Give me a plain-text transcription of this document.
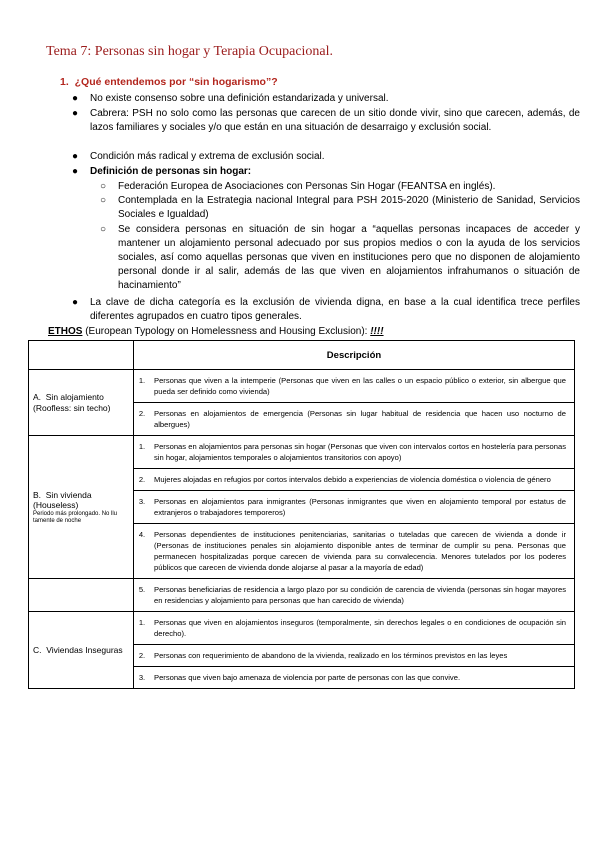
Tema 7: Personas sin hogar y Terapia Ocupacional.
1. ¿Qué entendemos por “sin hogarismo”?
● No existe consenso sobre una definición estandarizada y universal.
● Cabrera: PSH no solo como las personas que carecen de un sitio donde vivir, sino que carecen, además, de lazos familiares y sociales y/o que están en una situación de desarraigo y exclusión social.
● Condición más radical y extrema de exclusión social.
● Definición de personas sin hogar:
○ Federación Europea de Asociaciones con Personas Sin Hogar (FEANTSA en inglés).
○ Contemplada en la Estrategia nacional Integral para PSH 2015-2020 (Ministerio de Sanidad, Servicios Sociales e Igualdad)
○ Se considera personas en situación de sin hogar a “aquellas personas incapaces de acceder y mantener un alojamiento personal adecuado por sus propios medios o con la ayuda de los servicios sociales, así como aquellas personas que viven en instituciones pero que no disponen de alojamiento personal donde ir al salir, además de las que viven en alojamientos infrahumanos o situación de hacinamiento”
● La clave de dicha categoría es la exclusión de vivienda digna, en base a la cual identifica trece perfiles diferentes agrupados en cuatro tipos generales.
ETHOS (European Typology on Homelessness and Housing Exclusion): !!!!
	Descripción	
A. Sin alojamiento (Roofless: sin techo)	1.	Personas que viven a la intemperie (Personas que viven en las calles o un espacio público o exterior, sin albergue que pueda ser definido como vivienda)
	2.	Personas en alojamientos de emergencia (Personas sin lugar habitual de residencia que hacen uso nocturno de albergues)
B. Sin vivienda (Houseless)
Periodo más prolongado. No llu tamente de noche	1.	Personas en alojamientos para personas sin hogar (Personas que viven con intervalos cortos en hostelería para personas sin hogar, alojamientos temporales o alojamientos transitorios con apoyo)
	2.	Mujeres alojadas en refugios por cortos intervalos debido a experiencias de violencia doméstica o violencia de género
	3.	Personas en alojamientos para inmigrantes (Personas inmigrantes que viven en alojamiento temporal por estatus de extranjeros o trabajadores temporeros)
	4.	Personas dependientes de instituciones penitenciarias, sanitarias o tuteladas que carecen de vivienda a donde ir (Personas de instituciones penales sin alojamiento disponible antes de terminar de cumplir su pena. Personas que permanecen hospitalizadas porque carecen de vivienda para su convalecencia. Menores tutelados por los poderes públicos que carecen de vivienda donde alojarse al pasar a la mayoría de edad)
	5.	Personas beneficiarias de residencia a largo plazo por su condición de carencia de vivienda (personas sin hogar mayores en residencias y alojamiento para personas que han carecido de vivienda)
C. Viviendas Inseguras	1.	Personas que viven en alojamientos inseguros (temporalmente, sin derechos legales o en condiciones de ocupación sin derecho).
	2.	Personas con requerimiento de abandono de la vivienda, realizado en los términos previstos en las leyes
	3.	Personas que viven bajo amenaza de violencia por parte de personas con las que convive.
